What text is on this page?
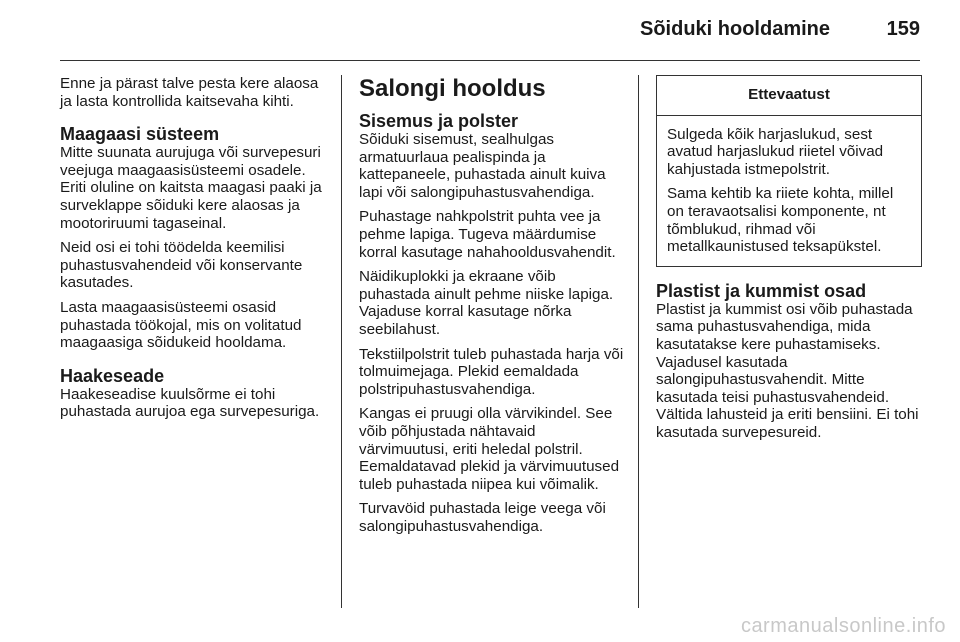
Sõiduki hooldamine	159

Enne ja pärast talve pesta kere alaosa ja lasta kontrollida kaitsevaha kihti.

Maagaasi süsteem

Mitte suunata aurujuga või survepesuri veejuga maagaasisüsteemi osadele. Eriti oluline on kaitsta maagasi paaki ja surveklappe sõiduki kere alaosas ja mootoriruumi tagaseinal.

Neid osi ei tohi töödelda keemilisi puhastusvahendeid või konservante kasutades.

Lasta maagaasisüsteemi osasid puhastada töökojal, mis on volitatud maagaasiga sõidukeid hooldama.

Haakeseade

Haakeseadise kuulsõrme ei tohi puhastada aurujoa ega survepesuriga.

Salongi hooldus
Sisemus ja polster

Sõiduki sisemust, sealhulgas armatuurlaua pealispinda ja kattepaneele, puhastada ainult kuiva lapi või salongipuhastusvahendiga.

Puhastage nahkpolstrit puhta vee ja pehme lapiga. Tugeva määrdumise korral kasutage nahahooldusvahendit.

Näidikuplokki ja ekraane võib puhastada ainult pehme niiske lapiga. Vajaduse korral kasutage nõrka seebilahust.

Tekstiilpolstrit tuleb puhastada harja või tolmuimejaga. Plekid eemaldada polstripuhastusvahendiga.

Kangas ei pruugi olla värvikindel. See võib põhjustada nähtavaid värvimuutusi, eriti heledal polstril. Eemaldatavad plekid ja värvimuutused tuleb puhastada niipea kui võimalik.

Turvavöid puhastada leige veega või salongipuhastusvahendiga.

Ettevaatust

Sulgeda kõik harjaslukud, sest avatud harjaslukud riietel võivad kahjustada istmepolstrit.

Sama kehtib ka riiete kohta, millel on teravaotsalisi komponente, nt tõmblukud, rihmad või metallkaunistused teksapükstel.

Plastist ja kummist osad

Plastist ja kummist osi võib puhastada sama puhastusvahendiga, mida kasutatakse kere puhastamiseks. Vajadusel kasutada salongipuhastusvahendit. Mitte kasutada teisi puhastusvahendeid. Vältida lahusteid ja eriti bensiini. Ei tohi kasutada survepesureid.

carmanualsonline.info
